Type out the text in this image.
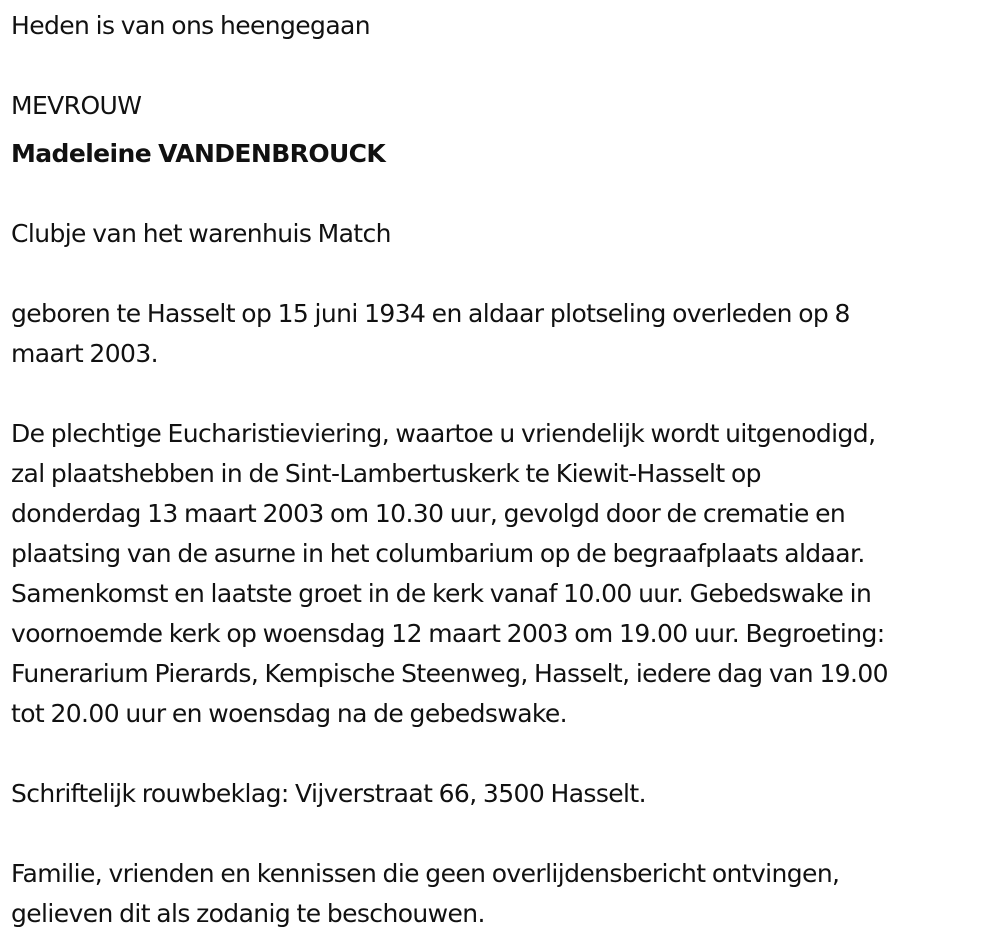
Heden is van ons heengegaan

MEVROUW

Madeleine VANDENBROUCK

Clubje van het warenhuis Match

geboren te Hasselt op 15 juni 1934 en aldaar plotseling overleden op 8

maart 2003.

De plechtige Eucharistieviering, waartoe u vriendelijk wordt uitgenodigd,

zal plaatshebben in de Sint-Lambertuskerk te Kiewit-Hasselt op

donderdag 13 maart 2003 om 10.30 uur, gevolgd door de crematie en

plaatsing van de asurne in het columbarium op de begraafplaats aldaar.

Samenkomst en laatste groet in de kerk vanaf 10.00 uur. Gebedswake in

voornoemde kerk op woensdag 12 maart 2003 om 19.00 uur. Begroeting:

Funerarium Pierards, Kempische Steenweg, Hasselt, iedere dag van 19.00

tot 20.00 uur en woensdag na de gebedswake.

Schriftelijk rouwbeklag: Vijverstraat 66, 3500 Hasselt.

Familie, vrienden en kennissen die geen overlijdensbericht ontvingen,

gelieven dit als zodanig te beschouwen.
